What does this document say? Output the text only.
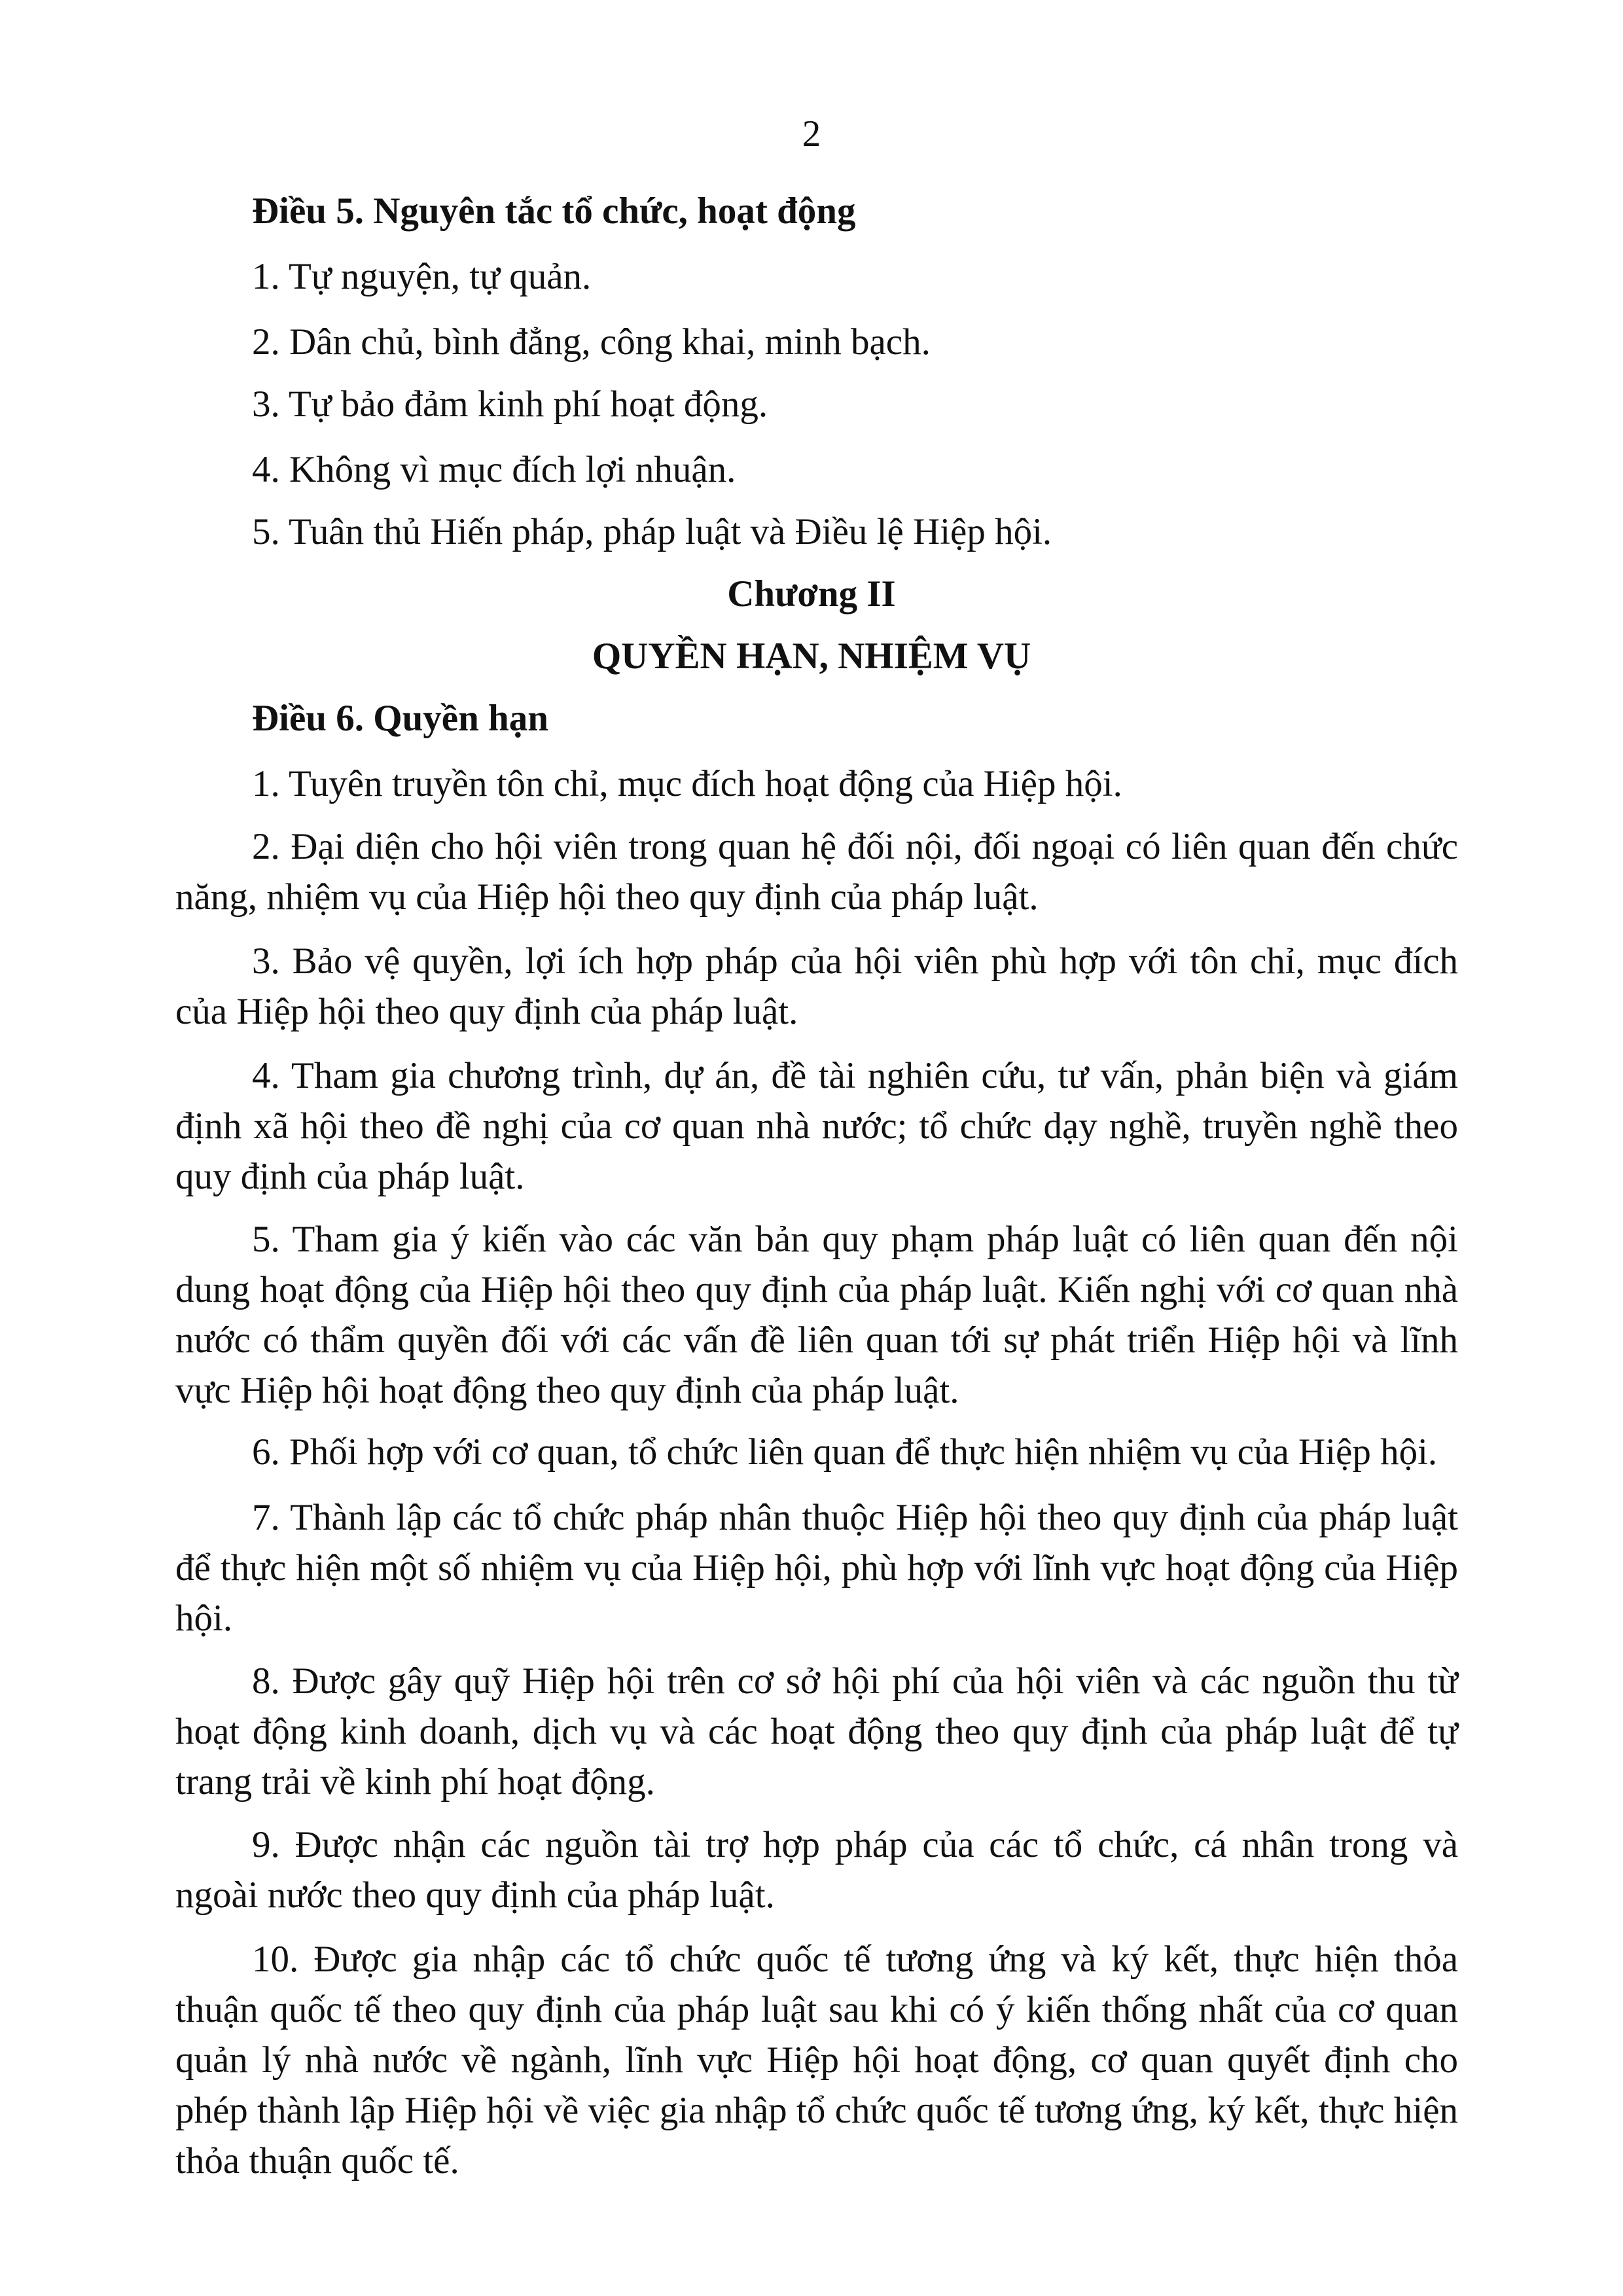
2
Điều 5. Nguyên tắc tổ chức, hoạt động
1. Tự nguyện, tự quản.
2. Dân chủ, bình đẳng, công khai, minh bạch.
3. Tự bảo đảm kinh phí hoạt động.
4. Không vì mục đích lợi nhuận.
5. Tuân thủ Hiến pháp, pháp luật và Điều lệ Hiệp hội.
Chương II
QUYỀN HẠN, NHIỆM VỤ
Điều 6. Quyền hạn
1. Tuyên truyền tôn chỉ, mục đích hoạt động của Hiệp hội.
2. Đại diện cho hội viên trong quan hệ đối nội, đối ngoại có liên quan đến chức năng, nhiệm vụ của Hiệp hội theo quy định của pháp luật.
3. Bảo vệ quyền, lợi ích hợp pháp của hội viên phù hợp với tôn chỉ, mục đích của Hiệp hội theo quy định của pháp luật.
4. Tham gia chương trình, dự án, đề tài nghiên cứu, tư vấn, phản biện và giám định xã hội theo đề nghị của cơ quan nhà nước; tổ chức dạy nghề, truyền nghề theo quy định của pháp luật.
5. Tham gia ý kiến vào các văn bản quy phạm pháp luật có liên quan đến nội dung hoạt động của Hiệp hội theo quy định của pháp luật. Kiến nghị với cơ quan nhà nước có thẩm quyền đối với các vấn đề liên quan tới sự phát triển Hiệp hội và lĩnh vực Hiệp hội hoạt động theo quy định của pháp luật.
6. Phối hợp với cơ quan, tổ chức liên quan để thực hiện nhiệm vụ của Hiệp hội.
7. Thành lập các tổ chức pháp nhân thuộc Hiệp hội theo quy định của pháp luật để thực hiện một số nhiệm vụ của Hiệp hội, phù hợp với lĩnh vực hoạt động của Hiệp hội.
8. Được gây quỹ Hiệp hội trên cơ sở hội phí của hội viên và các nguồn thu từ hoạt động kinh doanh, dịch vụ và các hoạt động theo quy định của pháp luật để tự trang trải về kinh phí hoạt động.
9. Được nhận các nguồn tài trợ hợp pháp của các tổ chức, cá nhân trong và ngoài nước theo quy định của pháp luật.
10. Được gia nhập các tổ chức quốc tế tương ứng và ký kết, thực hiện thỏa thuận quốc tế theo quy định của pháp luật sau khi có ý kiến thống nhất của cơ quan quản lý nhà nước về ngành, lĩnh vực Hiệp hội hoạt động, cơ quan quyết định cho phép thành lập Hiệp hội về việc gia nhập tổ chức quốc tế tương ứng, ký kết, thực hiện thỏa thuận quốc tế.
